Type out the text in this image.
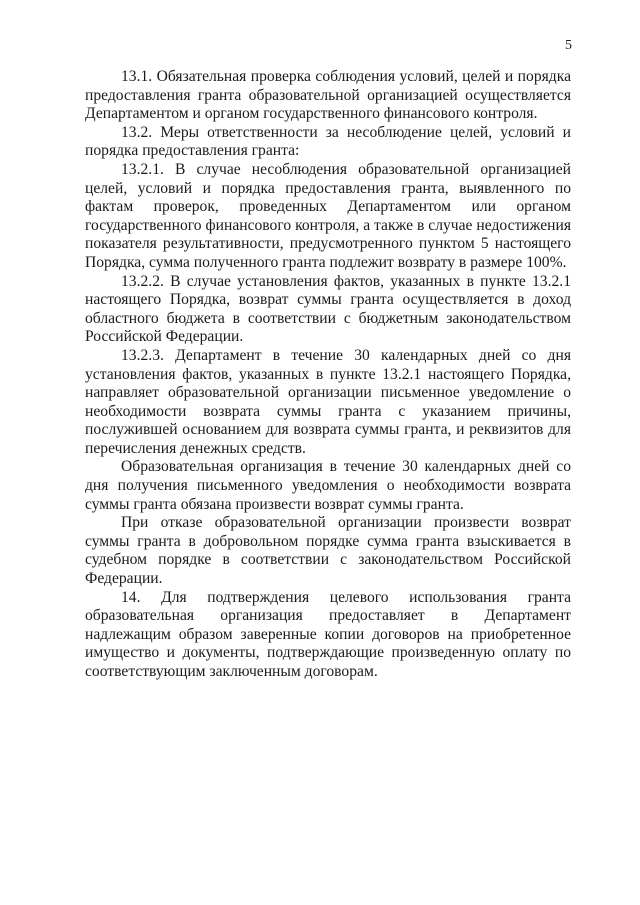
5

13.1. Обязательная проверка соблюдения условий, целей и порядка предоставления гранта образовательной организацией осуществляется Департаментом и органом государственного финансового контроля.

13.2. Меры ответственности за несоблюдение целей, условий и порядка предоставления гранта:

13.2.1. В случае несоблюдения образовательной организацией целей, условий и порядка предоставления гранта, выявленного по фактам проверок, проведенных Департаментом или органом государственного финансового контроля, а также в случае недостижения показателя результативности, предусмотренного пунктом 5 настоящего Порядка, сумма полученного гранта подлежит возврату в размере 100%.

13.2.2. В случае установления фактов, указанных в пункте 13.2.1 настоящего Порядка, возврат суммы гранта осуществляется в доход областного бюджета в соответствии с бюджетным законодательством Российской Федерации.

13.2.3. Департамент в течение 30 календарных дней со дня установления фактов, указанных в пункте 13.2.1 настоящего Порядка, направляет образовательной организации письменное уведомление о необходимости возврата суммы гранта с указанием причины, послужившей основанием для возврата суммы гранта, и реквизитов для перечисления денежных средств.

Образовательная организация в течение 30 календарных дней со дня получения письменного уведомления о необходимости возврата суммы гранта обязана произвести возврат суммы гранта.

При отказе образовательной организации произвести возврат суммы гранта в добровольном порядке сумма гранта взыскивается в судебном порядке в соответствии с законодательством Российской Федерации.

14. Для подтверждения целевого использования гранта образовательная организация предоставляет в Департамент надлежащим образом заверенные копии договоров на приобретенное имущество и документы, подтверждающие произведенную оплату по соответствующим заключенным договорам.
